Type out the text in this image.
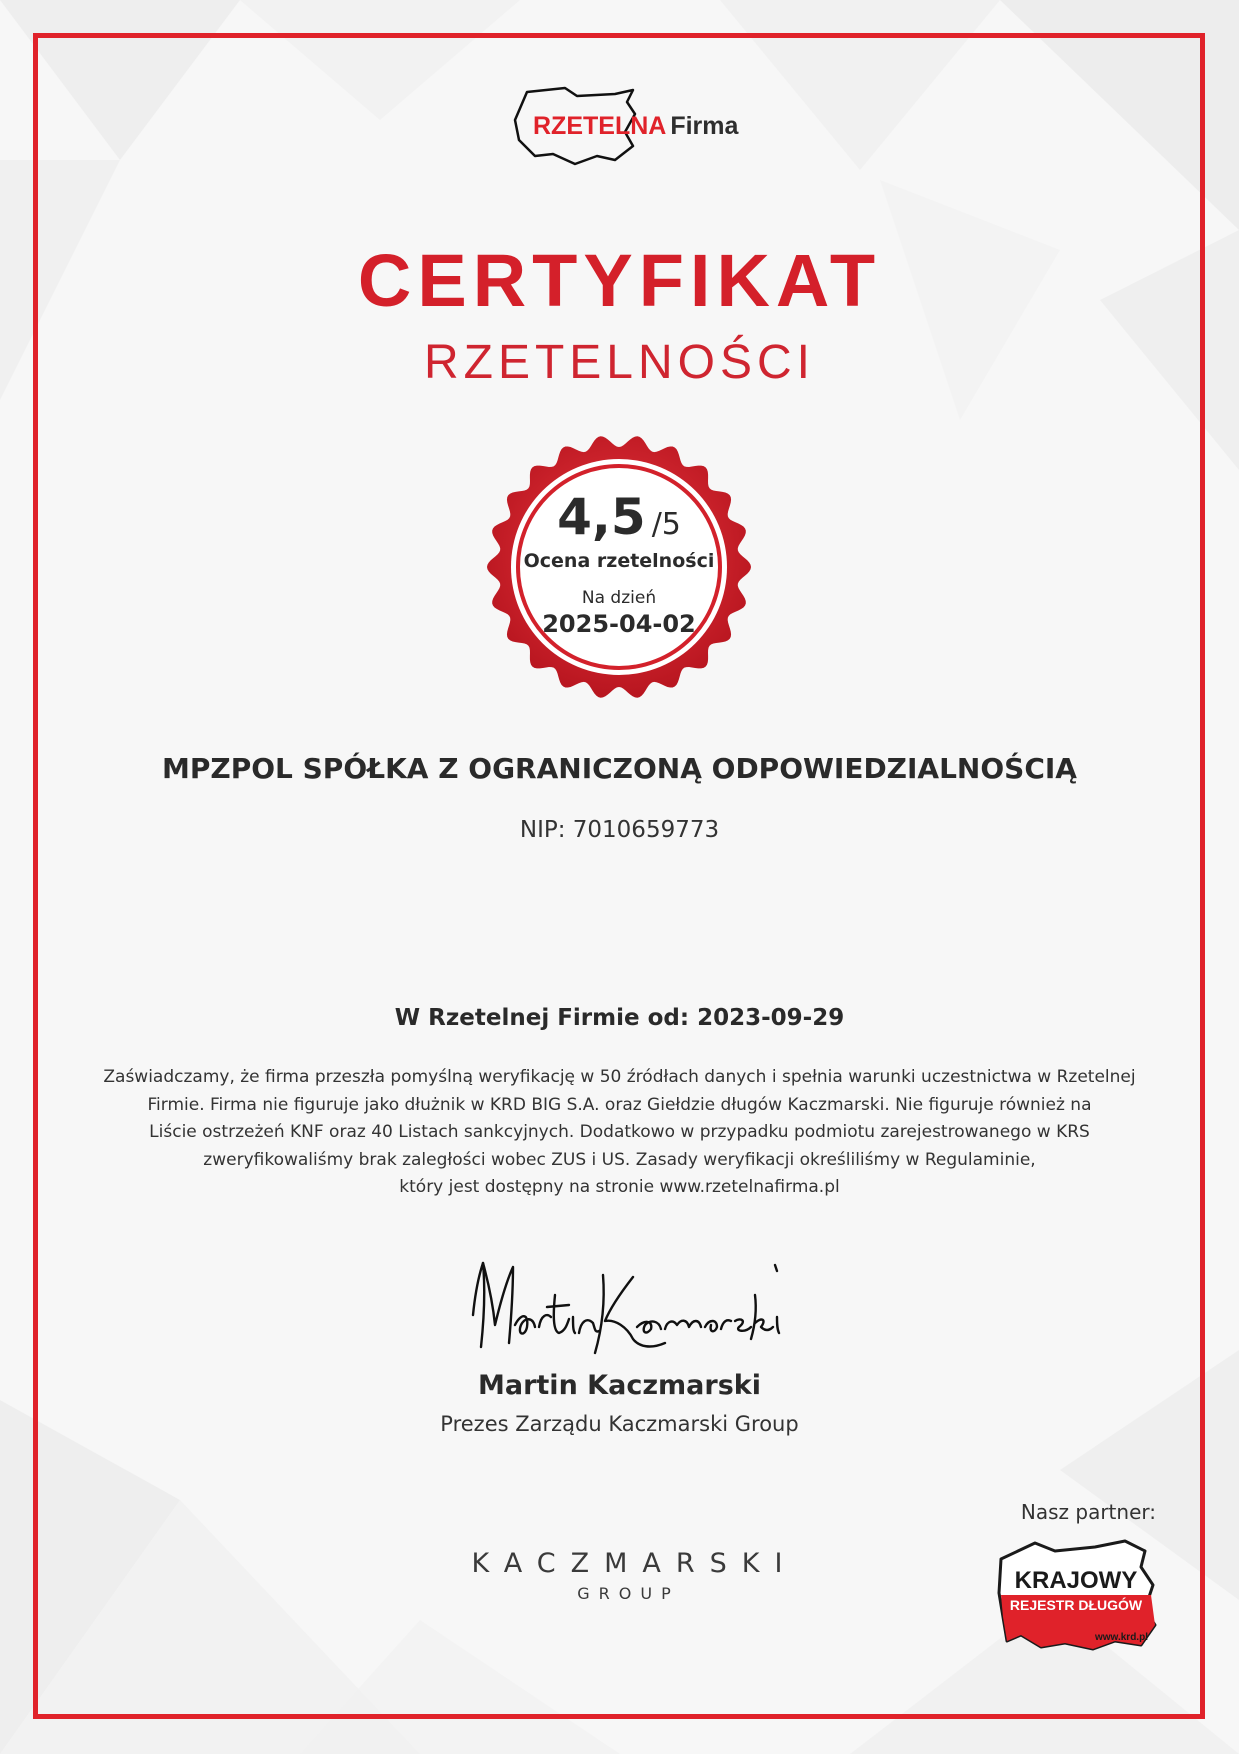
RZETELNA Firma
CERTYFIKAT
RZETELNOŚCI
4,5 /5
Ocena rzetelności
Na dzień
2025-04-02
MPZPOL SPÓŁKA Z OGRANICZONĄ ODPOWIEDZIALNOŚCIĄ
NIP: 7010659773
W Rzetelnej Firmie od: 2023-09-29
Zaświadczamy, że firma przeszła pomyślną weryfikację w 50 źródłach danych i spełnia warunki uczestnictwa w Rzetelnej
Firmie. Firma nie figuruje jako dłużnik w KRD BIG S.A. oraz Giełdzie długów Kaczmarski. Nie figuruje również na
Liście ostrzeżeń KNF oraz 40 Listach sankcyjnych. Dodatkowo w przypadku podmiotu zarejestrowanego w KRS
zweryfikowaliśmy brak zaległości wobec ZUS i US. Zasady weryfikacji określiliśmy w Regulaminie,
który jest dostępny na stronie www.rzetelnafirma.pl
Martin Kaczmarski
Prezes Zarządu Kaczmarski Group
KACZMARSKI
GROUP
Nasz partner:
KRAJOWY
REJESTR DŁUGÓW
www.krd.pl
